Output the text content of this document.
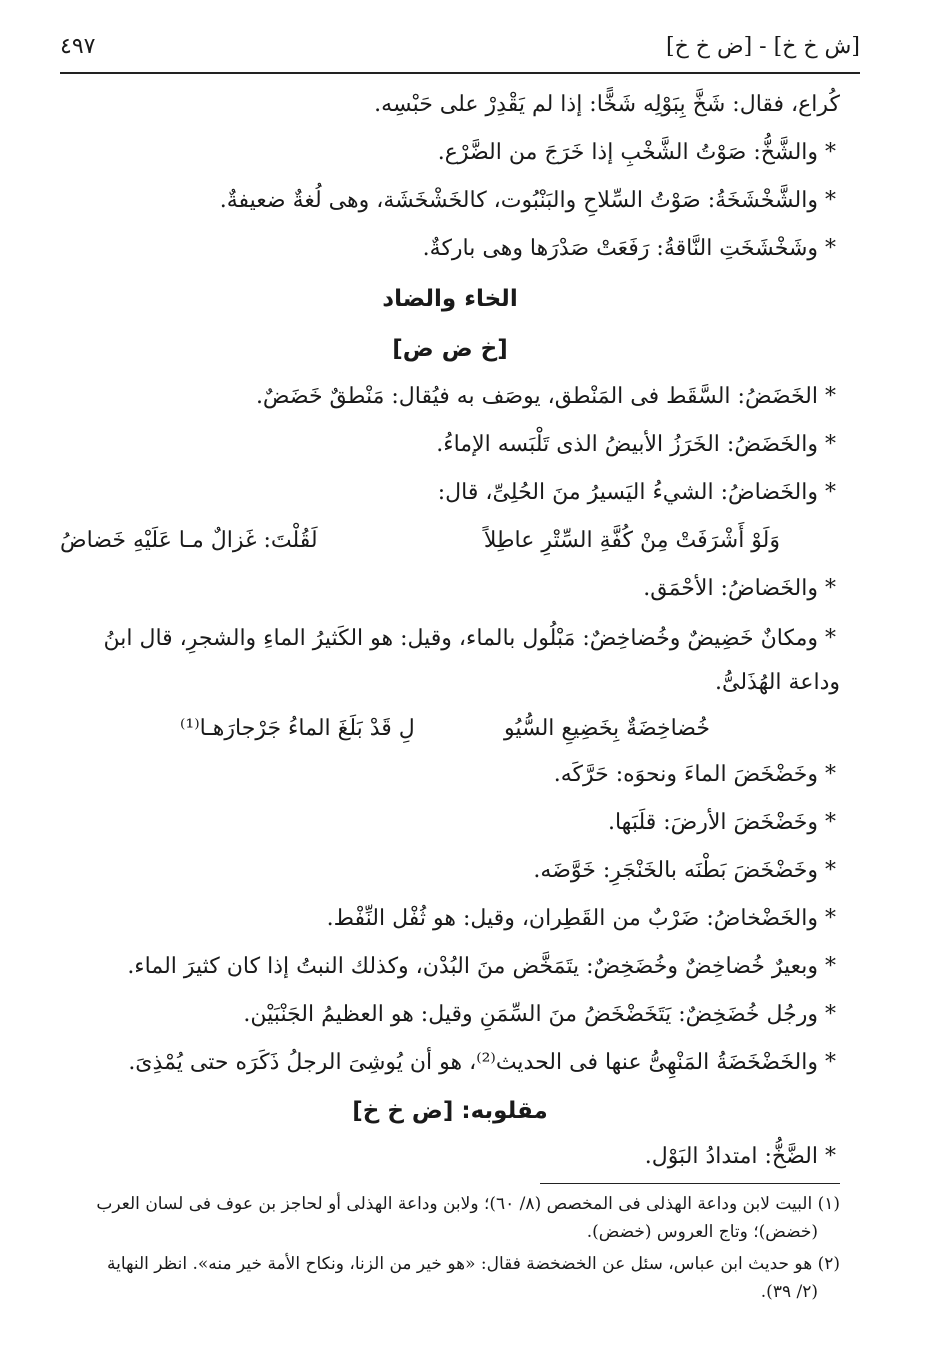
[ش خ خ] - [ض خ خ]
٤٩٧
كُراع، فقال: شَخَّ بِبَوْلِه شَخًّا: إذا لم يَقْدِرْ على حَبْسِه.
* والشَّخُّ: صَوْتُ الشَّخْبِ إذا خَرَجَ من الضَّرْع.
* والشَّخْشَخَةُ: صَوْتُ السِّلاحِ والبَنْبُوت، كالخَشْخَشَة، وهى لُغةٌ ضعيفةٌ.
* وشَخْشَخَتِ النَّاقةُ: رَفَعَتْ صَدْرَها وهى باركةٌ.
الخاء والضاد
[خ ض ض]
* الخَضَضُ: السَّقَط فى المَنْطق، يوصَف به فيُقال: مَنْطقٌ خَضَضٌ.
* والخَضَضُ: الخَرَزُ الأبيضُ الذى تَلْبَسه الإماءُ.
* والخَضاضُ: الشيءُ اليَسيرُ منَ الحُلِىِّ، قال:
وَلَوْ أَشْرَفَتْ مِنْ كُفَّةِ السِّتْرِ عاطِلاً
لَقُلْتَ: غَزالٌ مـا عَلَيْهِ خَضاضُ
* والخَضاضُ: الأحْمَق.
* ومكانٌ خَضِيضٌ وخُضاخِضٌ: مَبْلُول بالماء، وقيل: هو الكَثيرُ الماءِ والشجرِ، قال ابنُ
وداعة الهُذَلىُّ.
خُضاخِضَةٌ بِخَضِيعِ السُّيُو
لِ قَدْ بَلَغَ الماءُ جَرْجارَهـا⁽¹⁾
* وخَضْخَضَ الماءَ ونحوَه: حَرَّكَه.
* وخَضْخَضَ الأرضَ: قلَبَها.
* وخَضْخَضَ بَطْنَه بالخَنْجَرِ: خَوَّضَه.
* والخَضْخاضُ: ضَرْبٌ من القَطِران، وقيل: هو ثُفْل النِّفْط.
* وبعيرٌ خُضاخِضٌ وخُضَخِضٌ: يتَمَخَّض منَ البُدْن، وكذلك النبتُ إذا كان كثيرَ الماء.
* ورجُل خُضَخِضٌ: يَتَخَضْخَضُ منَ السِّمَنِ وقيل: هو العظيمُ الجَنْبَيْن.
* والخَضْخَضَةُ المَنْهِىُّ عنها فى الحديث⁽²⁾، هو أن يُوشِىَ الرجلُ ذَكَرَه حتى يُمْذِىَ.
مقلوبه: [ض خ خ]
* الضَّخُّ: امتدادُ البَوْل.
(١) البيت لابن وداعة الهذلى فى المخصص (٨/ ٦٠)؛ ولابن وداعة الهذلى أو لحاجز بن عوف فى لسان العرب
(خضض)؛ وتاج العروس (خضض).
(٢) هو حديث ابن عباس، سئل عن الخضخضة فقال: «هو خير من الزنا، ونكاح الأمة خير منه». انظر النهاية
(٢/ ٣٩).
